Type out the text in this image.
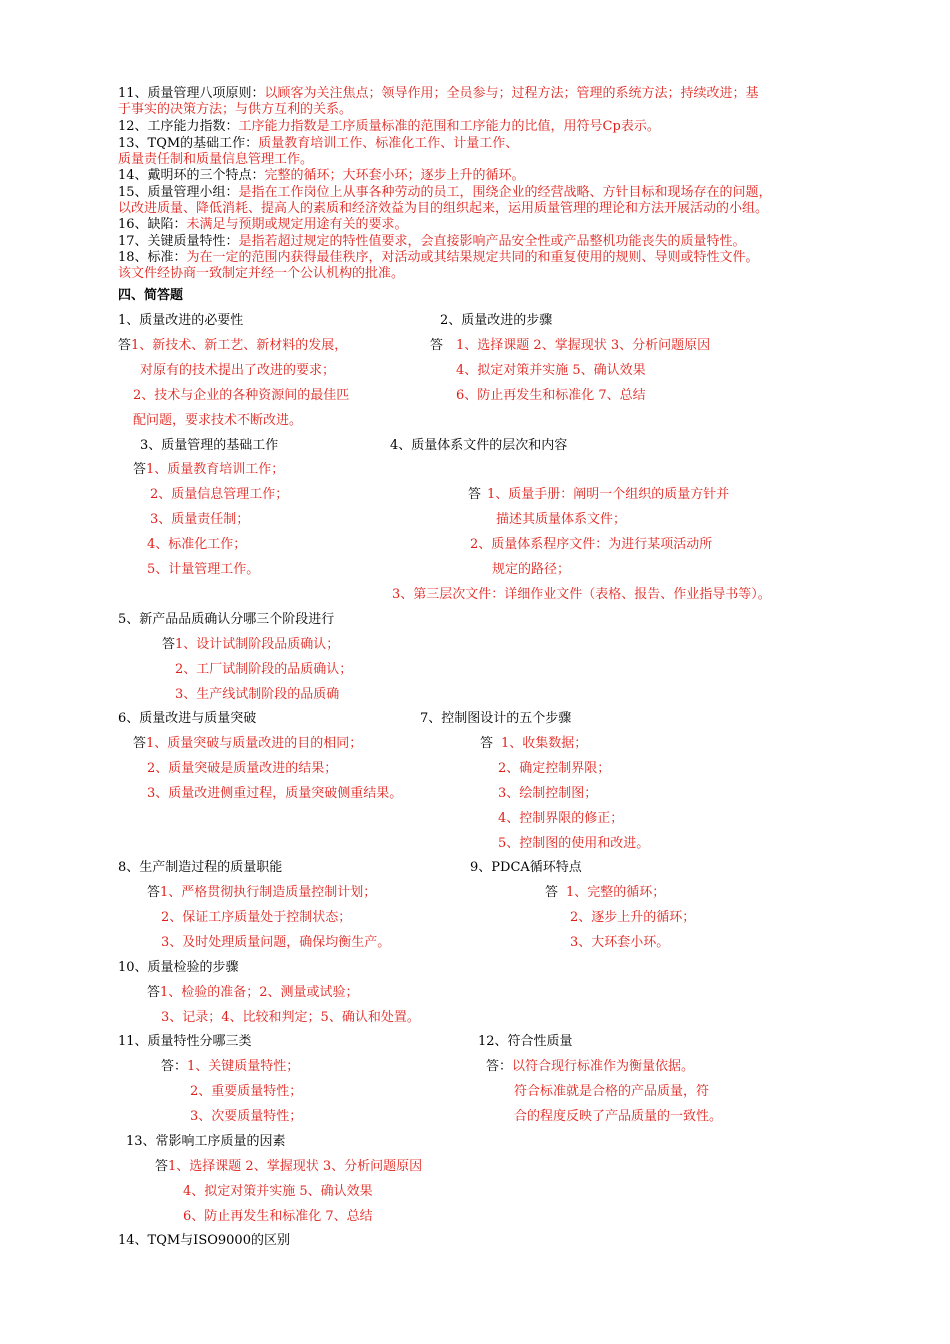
11、质量管理八项原则：以顾客为关注焦点；领导作用；全员参与；过程方法；管理的系统方法；持续改进；基
于事实的决策方法；与供方互利的关系。
12、工序能力指数：工序能力指数是工序质量标准的范围和工序能力的比值，用符号Cp表示。
13、TQM的基础工作：质量教育培训工作、标准化工作、计量工作、
质量责任制和质量信息管理工作。
14、戴明环的三个特点：完整的循环；大环套小环；逐步上升的循环。
15、质量管理小组：是指在工作岗位上从事各种劳动的员工，围绕企业的经营战略、方针目标和现场存在的问题，
以改进质量、降低消耗、提高人的素质和经济效益为目的组织起来，运用质量管理的理论和方法开展活动的小组。
16、缺陷：未满足与预期或规定用途有关的要求。
17、关键质量特性：是指若超过规定的特性值要求，会直接影响产品安全性或产品整机功能丧失的质量特性。
18、标准：为在一定的范围内获得最佳秩序，对活动或其结果规定共同的和重复使用的规则、导则或特性文件。
该文件经协商一致制定并经一个公认机构的批准。
四、简答题
1、质量改进的必要性	2、质量改进的步骤
答1、新技术、新工艺、新材料的发展，	答 1、选择课题 2、掌握现状 3、分析问题原因
对原有的技术提出了改进的要求；	4、拟定对策并实施 5、确认效果
2、技术与企业的各种资源间的最佳匹	6、防止再发生和标准化 7、总结
配问题，要求技术不断改进。
3、质量管理的基础工作	4、质量体系文件的层次和内容
答1、质量教育培训工作；
2、质量信息管理工作；	答 1、质量手册：阐明一个组织的质量方针并
3、质量责任制；	描述其质量体系文件；
4、标准化工作；	2、质量体系程序文件：为进行某项活动所
5、计量管理工作。	规定的路径；
3、第三层次文件：详细作业文件（表格、报告、作业指导书等）。
5、新产品品质确认分哪三个阶段进行
答1、设计试制阶段品质确认；
2、工厂试制阶段的品质确认；
3、生产线试制阶段的品质确
6、质量改进与质量突破	7、控制图设计的五个步骤
答1、质量突破与质量改进的目的相同；	答 1、收集数据；
2、质量突破是质量改进的结果；	2、确定控制界限；
3、质量改进侧重过程，质量突破侧重结果。	3、绘制控制图；
4、控制界限的修正；
5、控制图的使用和改进。
8、生产制造过程的质量职能	9、PDCA循环特点
答1、严格贯彻执行制造质量控制计划；	答 1、完整的循环；
2、保证工序质量处于控制状态；	2、逐步上升的循环；
3、及时处理质量问题，确保均衡生产。	3、大环套小环。
10、质量检验的步骤
答1、检验的准备；2、测量或试验；
3、记录；4、比较和判定；5、确认和处置。
11、质量特性分哪三类	12、符合性质量
答：1、关键质量特性；	答：以符合现行标准作为衡量依据。
2、重要质量特性；	符合标准就是合格的产品质量，符
3、次要质量特性；	合的程度反映了产品质量的一致性。
13、常影响工序质量的因素
答1、选择课题 2、掌握现状 3、分析问题原因
4、拟定对策并实施 5、确认效果
6、防止再发生和标准化 7、总结
14、TQM与ISO9000的区别
